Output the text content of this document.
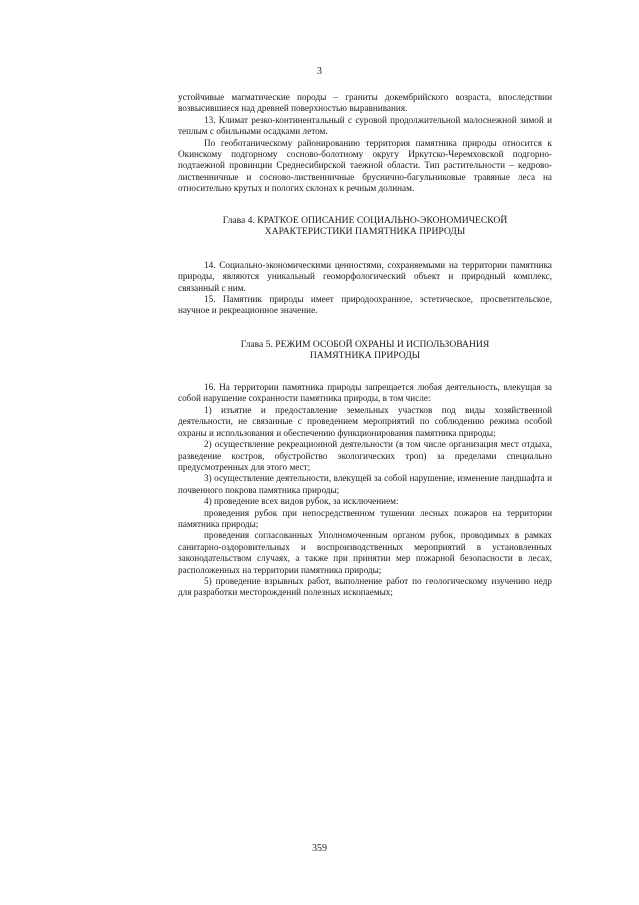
3

устойчивые магматические породы – граниты докембрийского возраста, впоследствии возвысившиеся над древней поверхностью выравнивания.

13. Климат резко-континентальный с суровой продолжительной малоснежной зимой и теплым с обильными осадками летом.

По геоботаническому районированию территория памятника природы относится к Окинскому подгорному сосново-болотному округу Иркутско-Черемховской подгорно-подтаежной провинции Среднесибирской таежной области. Тип растительности – кедрово-лиственничные и сосново-лиственничные бруснично-багульниковые травяные леса на относительно крутых и пологих склонах к речным долинам.

Глава 4. КРАТКОЕ ОПИСАНИЕ СОЦИАЛЬНО-ЭКОНОМИЧЕСКОЙ
ХАРАКТЕРИСТИКИ ПАМЯТНИКА ПРИРОДЫ

14. Социально-экономическими ценностями, сохраняемыми на территории памятника природы, являются уникальный геоморфологический объект и природный комплекс, связанный с ним.

15. Памятник природы имеет природоохранное, эстетическое, просветительское, научное и рекреационное значение.

Глава 5. РЕЖИМ ОСОБОЙ ОХРАНЫ И ИСПОЛЬЗОВАНИЯ
ПАМЯТНИКА ПРИРОДЫ

16. На территории памятника природы запрещается любая деятельность, влекущая за собой нарушение сохранности памятника природы, в том числе:

1) изъятие и предоставление земельных участков под виды хозяйственной деятельности, не связанные с проведением мероприятий по соблюдению режима особой охраны и использования и обеспечению функционирования памятника природы;

2) осуществление рекреационной деятельности (в том числе организация мест отдыха, разведение костров, обустройство экологических троп) за пределами специально предусмотренных для этого мест;

3) осуществление деятельности, влекущей за собой нарушение, изменение ландшафта и почвенного покрова памятника природы;

4) проведение всех видов рубок, за исключением:

проведения рубок при непосредственном тушении лесных пожаров на территории памятника природы;

проведения согласованных Уполномоченным органом рубок, проводимых в рамках санитарно-оздоровительных и воспроизводственных мероприятий в установленных законодательством случаях, а также при принятии мер пожарной безопасности в лесах, расположенных на территории памятника природы;

5) проведение взрывных работ, выполнение работ по геологическому изучению недр для разработки месторождений полезных ископаемых;

359
